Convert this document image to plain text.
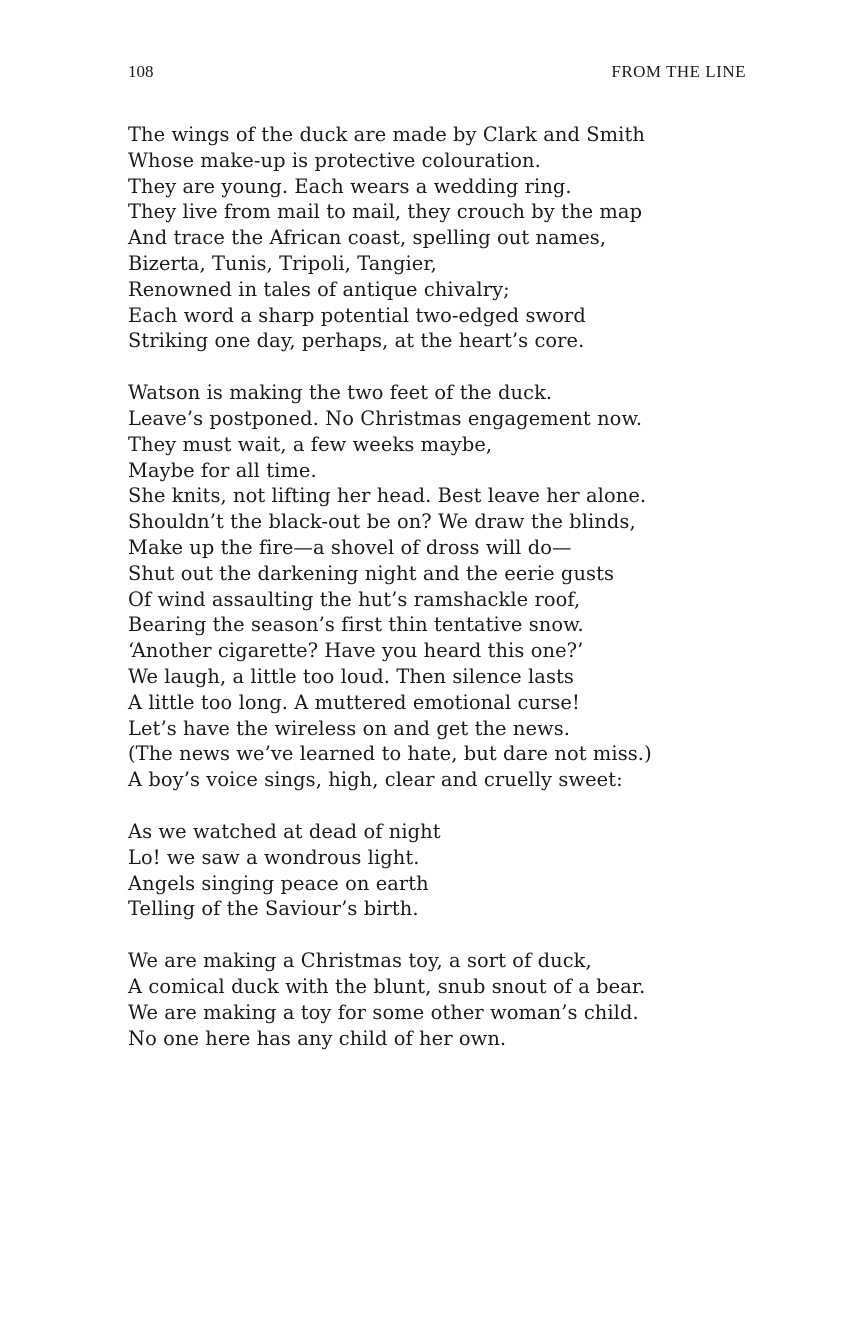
108	FROM THE LINE
The wings of the duck are made by Clark and Smith
Whose make-up is protective colouration.
They are young. Each wears a wedding ring.
They live from mail to mail, they crouch by the map
And trace the African coast, spelling out names,
Bizerta, Tunis, Tripoli, Tangier,
Renowned in tales of antique chivalry;
Each word a sharp potential two-edged sword
Striking one day, perhaps, at the heart’s core.
Watson is making the two feet of the duck.
Leave’s postponed. No Christmas engagement now.
They must wait, a few weeks maybe,
Maybe for all time.
She knits, not lifting her head. Best leave her alone.
Shouldn’t the black-out be on? We draw the blinds,
Make up the fire—a shovel of dross will do—
Shut out the darkening night and the eerie gusts
Of wind assaulting the hut’s ramshackle roof,
Bearing the season’s first thin tentative snow.
‘Another cigarette? Have you heard this one?’
We laugh, a little too loud. Then silence lasts
A little too long. A muttered emotional curse!
Let’s have the wireless on and get the news.
(The news we’ve learned to hate, but dare not miss.)
A boy’s voice sings, high, clear and cruelly sweet:
As we watched at dead of night
Lo! we saw a wondrous light.
Angels singing peace on earth
Telling of the Saviour’s birth.
We are making a Christmas toy, a sort of duck,
A comical duck with the blunt, snub snout of a bear.
We are making a toy for some other woman’s child.
No one here has any child of her own.
